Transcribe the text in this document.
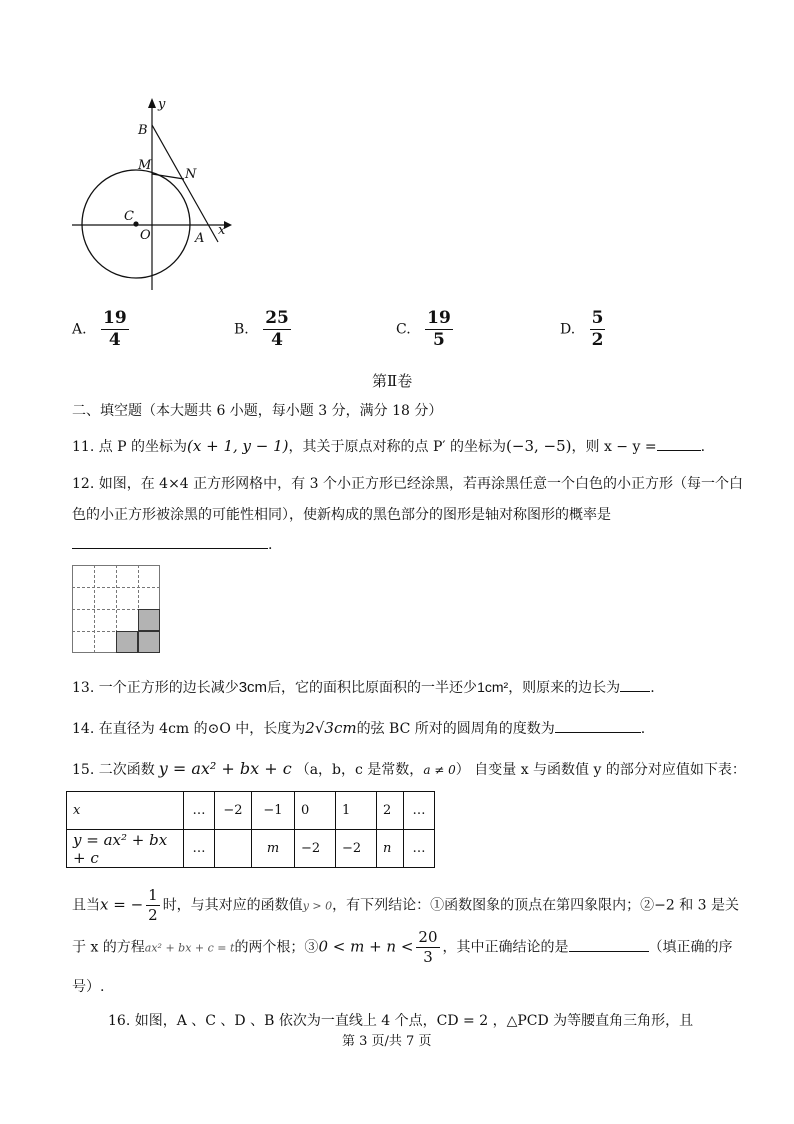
y
B
M
N
C
O	A
x
A. $\frac{19}{4}$	B. $\frac{25}{4}$	C. $\frac{19}{5}$	D. $\frac{5}{2}$
第Ⅱ卷
二、填空题（本大题共 6 小题，每小题 3 分，满分 18 分）
11. 点 P 的坐标为(x + 1, y − 1)，其关于原点对称的点 P′ 的坐标为(−3, −5)，则 x − y =	.
12. 如图，在 4×4 正方形网格中，有 3 个小正方形已经涂黑，若再涂黑任意一个白色的小正方形（每一个白
色的小正方形被涂黑的可能性相同），使新构成的黑色部分的图形是轴对称图形的概率是
.
13. 一个正方形的边长减少3cm后，它的面积比原面积的一半还少1cm²，则原来的边长为 .
14. 在直径为 4cm 的⊙O 中，长度为2√3cm的弦 BC 所对的圆周角的度数为	.
15. 二次函数 y = ax² + bx + c （a，b，c 是常数，a ≠ 0） 自变量 x 与函数值 y 的部分对应值如下表：
x	…	−2	−1	0	1	2	…
y = ax² + bx + c	…		m	−2	−2	n	…
且当x = − $\frac{1}{2}$ 时，与其对应的函数值y > 0，有下列结论：①函数图象的顶点在第四象限内；②−2 和 3 是关
于 x 的方程ax² + bx + c = t的两个根；③0 < $m + n < \frac{20}{3}$ ，其中正确结论的是	（填正确的序
号）.
16. 如图，A 、C 、D 、B 依次为一直线上 4 个点，CD = 2 ，△PCD 为等腰直角三角形，且
第 3 页/共 7 页
